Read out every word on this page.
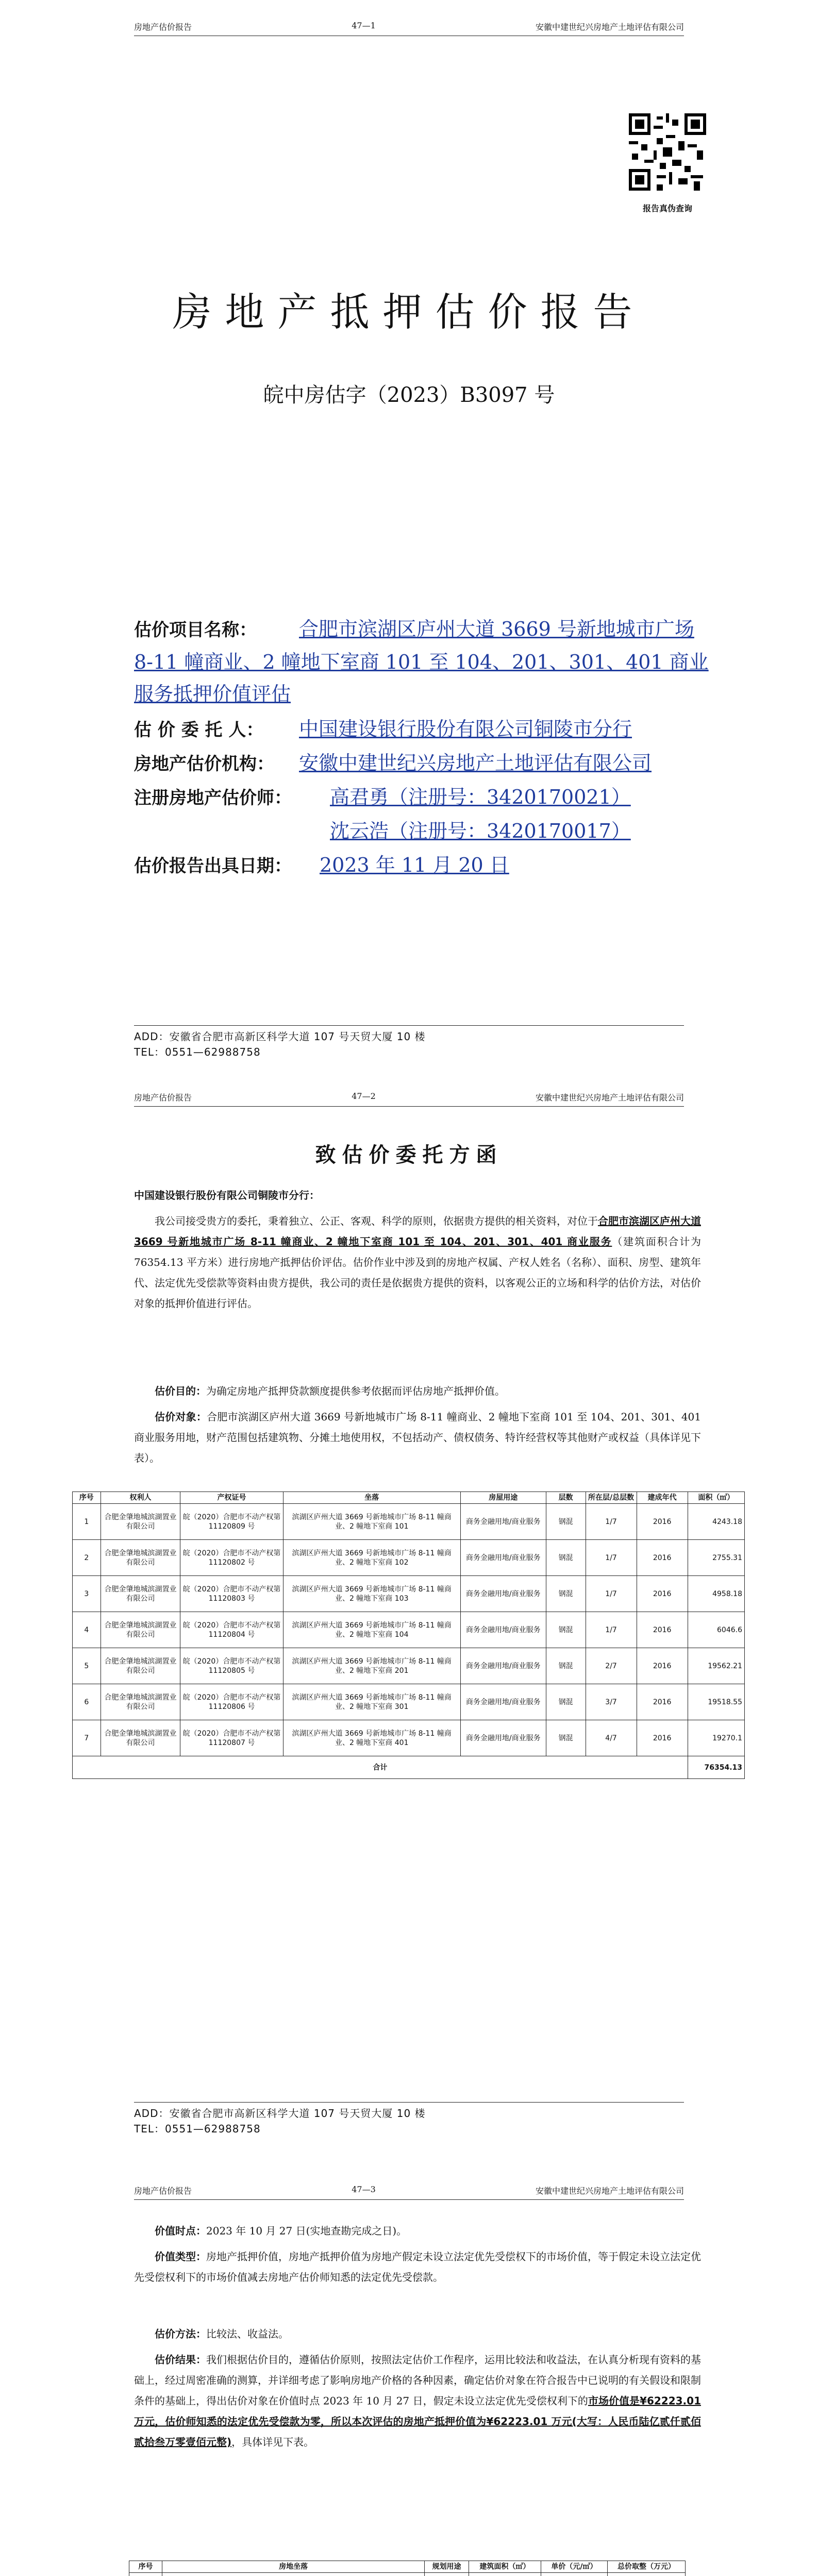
房地产估价报告	47—1	安徽中建世纪兴房地产土地评估有限公司
报告真伪查询
房地产抵押估价报告
皖中房估字（2023）B3097 号
估价项目名称： 合肥市滨湖区庐州大道 3669 号新地城市广场 8-11 幢商业、2 幢地下室商 101 至 104、201、301、401 商业服务抵押价值评估
估 价 委 托 人： 中国建设银行股份有限公司铜陵市分行
房地产估价机构： 安徽中建世纪兴房地产土地评估有限公司
注册房地产估价师： 高君勇（注册号：3420170021）
沈云浩（注册号：3420170017）
估价报告出具日期： 2023 年 11 月 20 日
ADD：安徽省合肥市高新区科学大道 107 号天贸大厦 10 楼
TEL：0551—62988758
房地产估价报告	47—2	安徽中建世纪兴房地产土地评估有限公司
致估价委托方函
中国建设银行股份有限公司铜陵市分行：
我公司接受贵方的委托，秉着独立、公正、客观、科学的原则，依据贵方提供的相关资料，对位于合肥市滨湖区庐州大道 3669 号新地城市广场 8-11 幢商业、2 幢地下室商 101 至 104、201、301、401 商业服务（建筑面积合计为 76354.13 平方米）进行房地产抵押估价评估。估价作业中涉及到的房地产权属、产权人姓名（名称）、面积、房型、建筑年代、法定优先受偿款等资料由贵方提供，我公司的责任是依据贵方提供的资料，以客观公正的立场和科学的估价方法，对估价对象的抵押价值进行评估。
估价目的：为确定房地产抵押贷款额度提供参考依据而评估房地产抵押价值。
估价对象：合肥市滨湖区庐州大道 3669 号新地城市广场 8-11 幢商业、2 幢地下室商 101 至 104、201、301、401 商业服务用地，财产范围包括建筑物、分摊土地使用权，不包括动产、债权债务、特许经营权等其他财产或权益（具体详见下表）。
序号	权利人	产权证号	坐落	房屋用途	层数	所在层/总层数	建成年代	面积（㎡）
1	合肥金肇地城滨湖置业有限公司	皖（2020）合肥市不动产权第 11120809 号	滨湖区庐州大道 3669 号新地城市广场 8-11 幢商业、2 幢地下室商 101	商务金融用地/商业服务	钢混	1/7	2016	4243.18
2	合肥金肇地城滨湖置业有限公司	皖（2020）合肥市不动产权第 11120802 号	滨湖区庐州大道 3669 号新地城市广场 8-11 幢商业、2 幢地下室商 102	商务金融用地/商业服务	钢混	1/7	2016	2755.31
3	合肥金肇地城滨湖置业有限公司	皖（2020）合肥市不动产权第 11120803 号	滨湖区庐州大道 3669 号新地城市广场 8-11 幢商业、2 幢地下室商 103	商务金融用地/商业服务	钢混	1/7	2016	4958.18
4	合肥金肇地城滨湖置业有限公司	皖（2020）合肥市不动产权第 11120804 号	滨湖区庐州大道 3669 号新地城市广场 8-11 幢商业、2 幢地下室商 104	商务金融用地/商业服务	钢混	1/7	2016	6046.6
5	合肥金肇地城滨湖置业有限公司	皖（2020）合肥市不动产权第 11120805 号	滨湖区庐州大道 3669 号新地城市广场 8-11 幢商业、2 幢地下室商 201	商务金融用地/商业服务	钢混	2/7	2016	19562.21
6	合肥金肇地城滨湖置业有限公司	皖（2020）合肥市不动产权第 11120806 号	滨湖区庐州大道 3669 号新地城市广场 8-11 幢商业、2 幢地下室商 301	商务金融用地/商业服务	钢混	3/7	2016	19518.55
7	合肥金肇地城滨湖置业有限公司	皖（2020）合肥市不动产权第 11120807 号	滨湖区庐州大道 3669 号新地城市广场 8-11 幢商业、2 幢地下室商 401	商务金融用地/商业服务	钢混	4/7	2016	19270.1
合计								76354.13
ADD：安徽省合肥市高新区科学大道 107 号天贸大厦 10 楼
TEL：0551—62988758
房地产估价报告	47—3	安徽中建世纪兴房地产土地评估有限公司
价值时点：2023 年 10 月 27 日(实地查勘完成之日)。
价值类型：房地产抵押价值，房地产抵押价值为房地产假定未设立法定优先受偿权下的市场价值，等于假定未设立法定优先受偿权利下的市场价值减去房地产估价师知悉的法定优先受偿款。
估价方法：比较法、收益法。
估价结果：我们根据估价目的，遵循估价原则，按照法定估价工作程序，运用比较法和收益法，在认真分析现有资料的基础上，经过周密准确的测算，并详细考虑了影响房地产价格的各种因素，确定估价对象在符合报告中已说明的有关假设和限制条件的基础上，得出估价对象在价值时点 2023 年 10 月 27 日，假定未设立法定优先受偿权利下的市场价值是¥62223.01 万元，估价师知悉的法定优先受偿款为零，所以本次评估的房地产抵押价值为¥62223.01 万元(大写：人民币陆亿贰仟贰佰贰拾叁万零壹佰元整)，具体详见下表。
序号	房地坐落	规划用途	建筑面积（㎡）	单价（元/㎡）	总价取整（万元）
